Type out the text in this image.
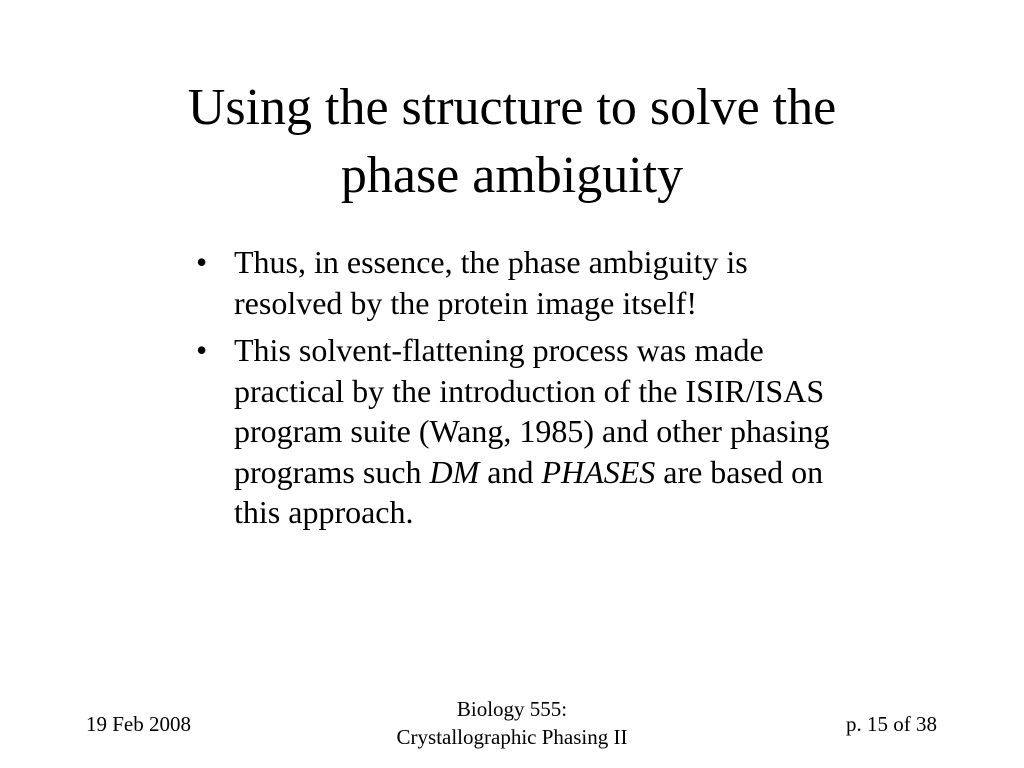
Using the structure to solve the
phase ambiguity
• Thus, in essence, the phase ambiguity is resolved by the protein image itself!
• This solvent-flattening process was made practical by the introduction of the ISIR/ISAS program suite (Wang, 1985) and other phasing programs such DM and PHASES are based on this approach.
19 Feb 2008
Biology 555:
Crystallographic Phasing II
p. 15 of 38
